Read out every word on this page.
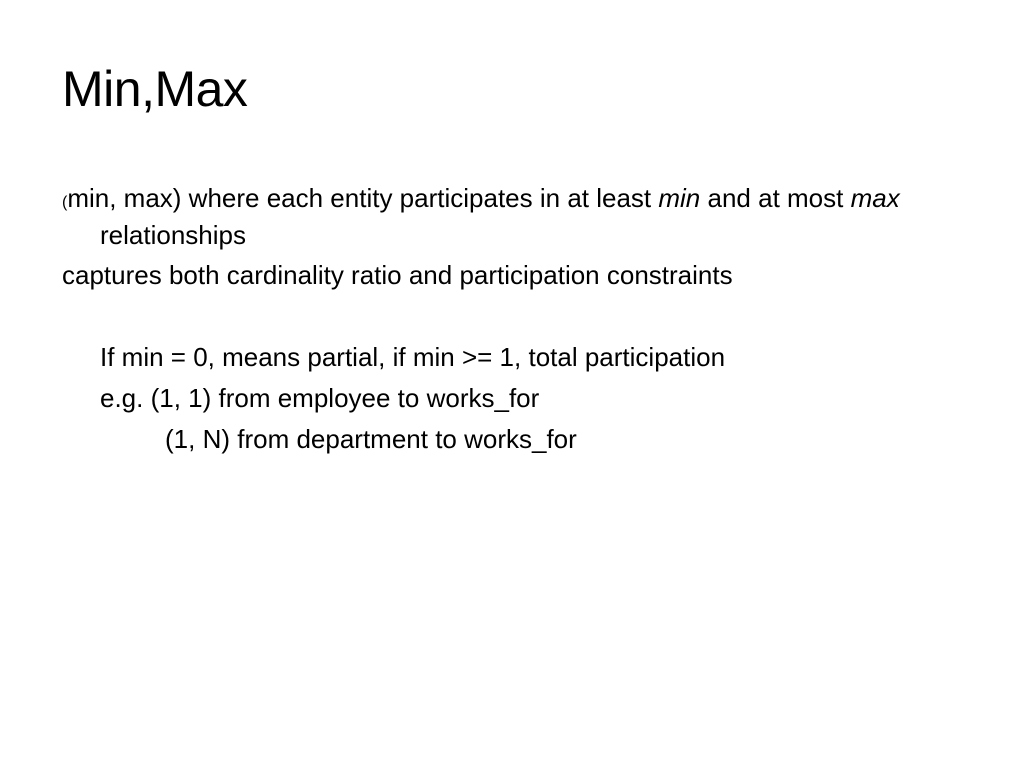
Min,Max

(min, max) where each entity participates in at least min and at most max relationships

captures both cardinality ratio and participation constraints

If min = 0, means partial, if min >= 1, total participation

e.g. (1, 1) from employee to works_for

(1, N) from department to works_for
